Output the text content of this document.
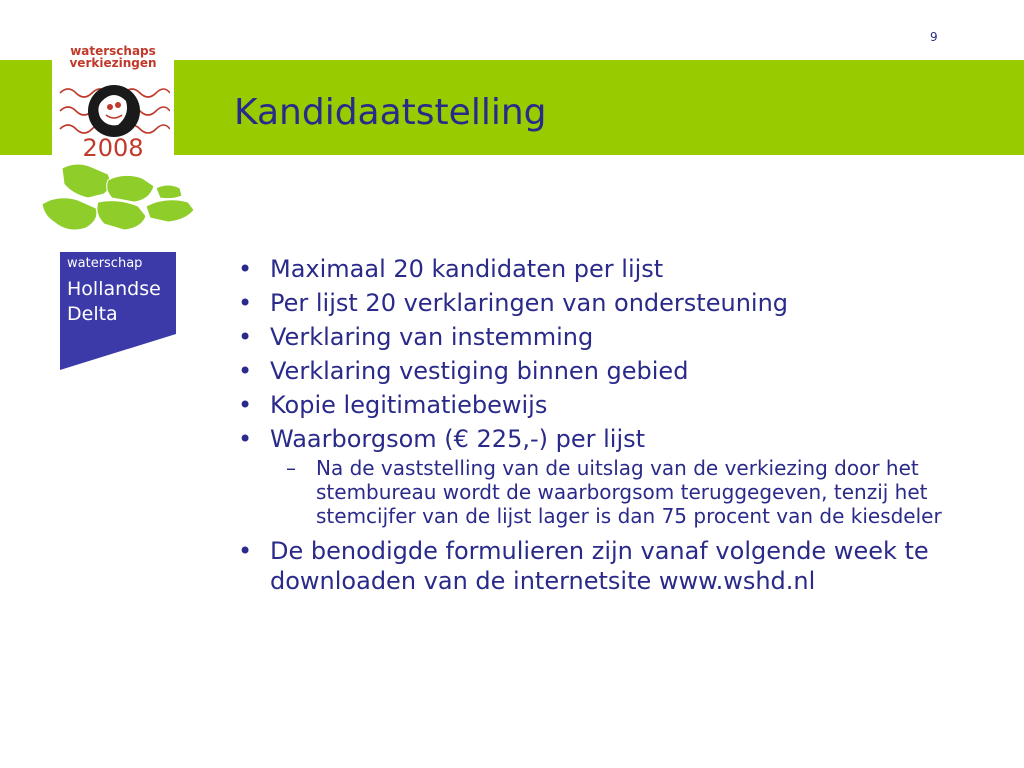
9
Kandidaatstelling
waterschaps
verkiezingen
2008
waterschap
Hollandse
Delta
• Maximaal 20 kandidaten per lijst
• Per lijst 20 verklaringen van ondersteuning
• Verklaring van instemming
• Verklaring vestiging binnen gebied
• Kopie legitimatiebewijs
• Waarborgsom (€ 225,-) per lijst
– Na de vaststelling van de uitslag van de verkiezing door het stembureau wordt de waarborgsom teruggegeven, tenzij het stemcijfer van de lijst lager is dan 75 procent van de kiesdeler
• De benodigde formulieren zijn vanaf volgende week te downloaden van de internetsite www.wshd.nl
